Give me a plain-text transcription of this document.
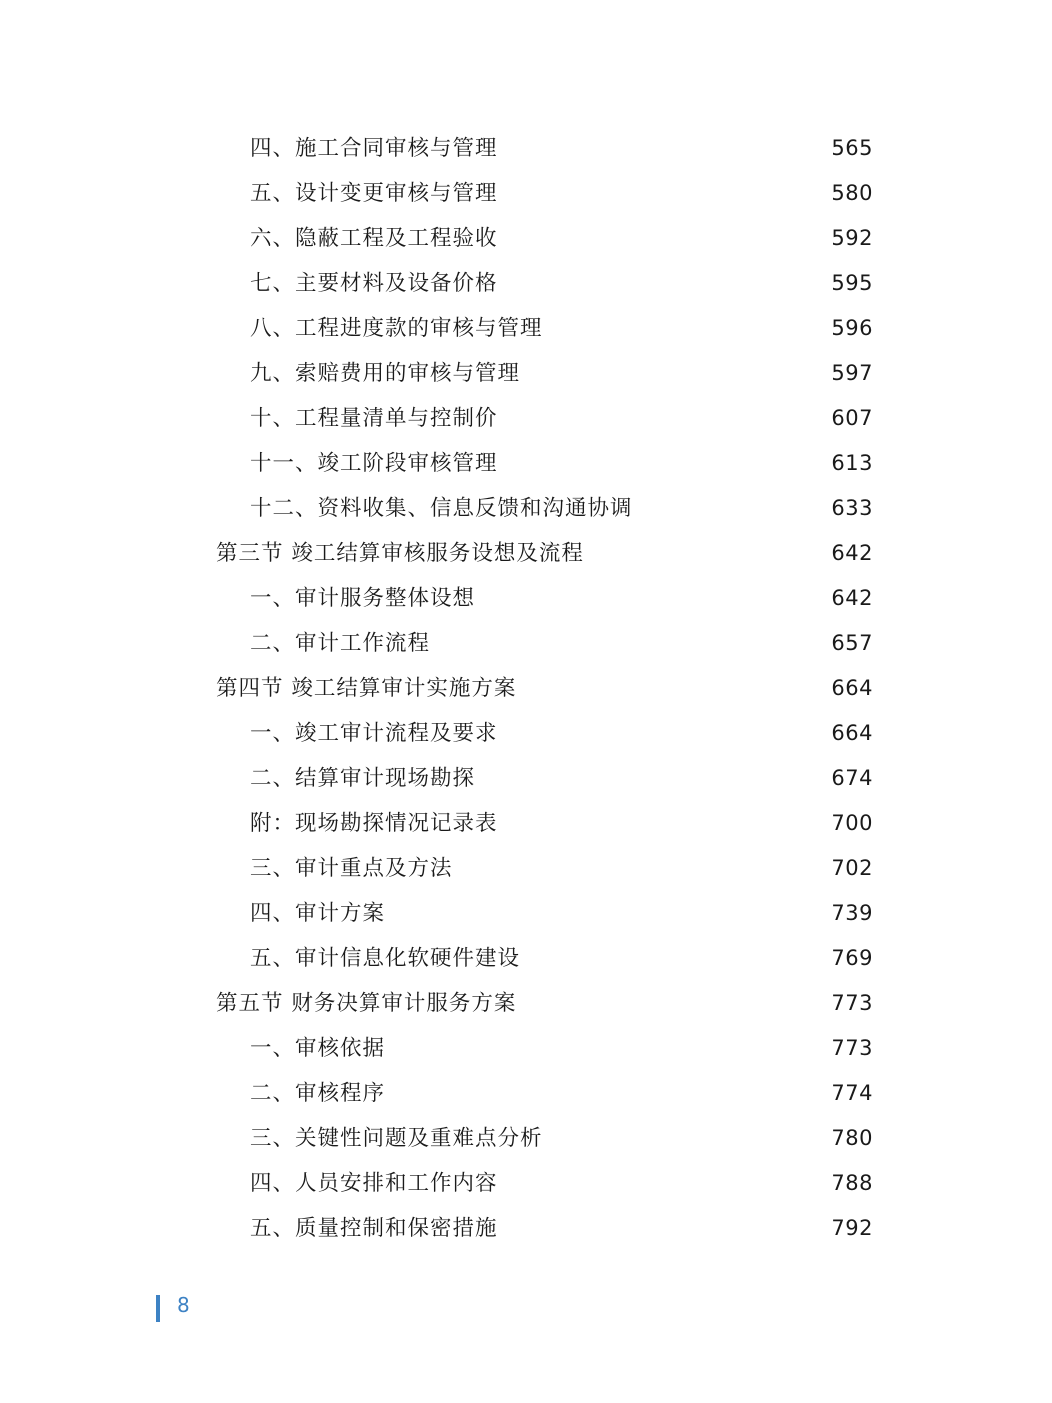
四、施工合同审核与管理	565
五、设计变更审核与管理	580
六、隐蔽工程及工程验收	592
七、主要材料及设备价格	595
八、工程进度款的审核与管理	596
九、索赔费用的审核与管理	597
十、工程量清单与控制价	607
十一、竣工阶段审核管理	613
十二、资料收集、信息反馈和沟通协调	633
第三节 竣工结算审核服务设想及流程	642
一、审计服务整体设想	642
二、审计工作流程	657
第四节 竣工结算审计实施方案	664
一、竣工审计流程及要求	664
二、结算审计现场勘探	674
附：现场勘探情况记录表	700
三、审计重点及方法	702
四、审计方案	739
五、审计信息化软硬件建设	769
第五节 财务决算审计服务方案	773
一、审核依据	773
二、审核程序	774
三、关键性问题及重难点分析	780
四、人员安排和工作内容	788
五、质量控制和保密措施	792
8
